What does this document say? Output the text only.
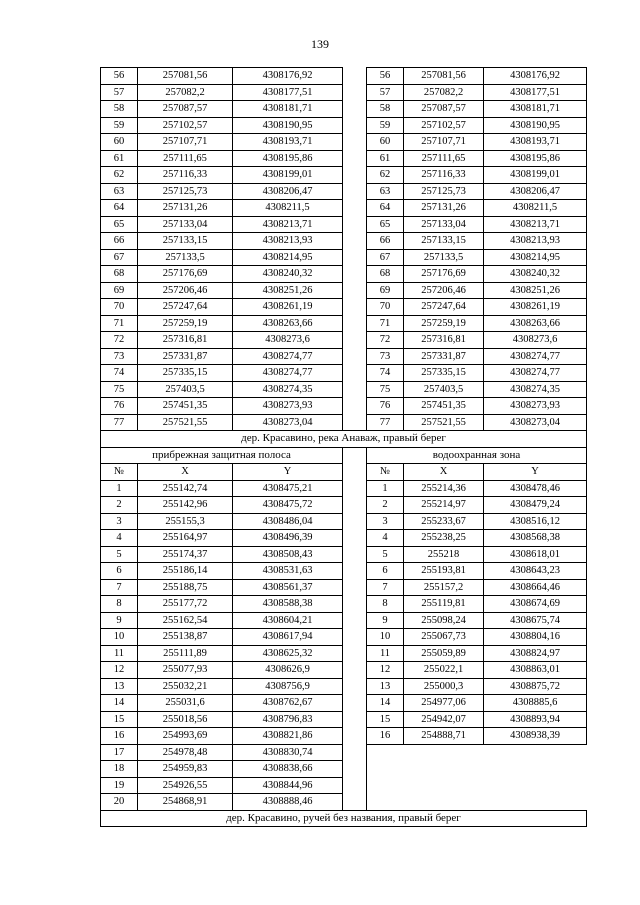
139
56	257081,56	4308176,92			56	257081,56	4308176,92
57	257082,2	4308177,51			57	257082,2	4308177,51
58	257087,57	4308181,71			58	257087,57	4308181,71
59	257102,57	4308190,95			59	257102,57	4308190,95
60	257107,71	4308193,71			60	257107,71	4308193,71
61	257111,65	4308195,86			61	257111,65	4308195,86
62	257116,33	4308199,01			62	257116,33	4308199,01
63	257125,73	4308206,47			63	257125,73	4308206,47
64	257131,26	4308211,5			64	257131,26	4308211,5
65	257133,04	4308213,71			65	257133,04	4308213,71
66	257133,15	4308213,93			66	257133,15	4308213,93
67	257133,5	4308214,95			67	257133,5	4308214,95
68	257176,69	4308240,32			68	257176,69	4308240,32
69	257206,46	4308251,26			69	257206,46	4308251,26
70	257247,64	4308261,19			70	257247,64	4308261,19
71	257259,19	4308263,66			71	257259,19	4308263,66
72	257316,81	4308273,6			72	257316,81	4308273,6
73	257331,87	4308274,77			73	257331,87	4308274,77
74	257335,15	4308274,77			74	257335,15	4308274,77
75	257403,5	4308274,35			75	257403,5	4308274,35
76	257451,35	4308273,93			76	257451,35	4308273,93
77	257521,55	4308273,04			77	257521,55	4308273,04
дер. Красавино, река Анаваж, правый берег							
прибрежная защитная полоса					водоохранная зона		
№	X	Y			№	X	Y
1	255142,74	4308475,21			1	255214,36	4308478,46
2	255142,96	4308475,72			2	255214,97	4308479,24
3	255155,3	4308486,04			3	255233,67	4308516,12
4	255164,97	4308496,39			4	255238,25	4308568,38
5	255174,37	4308508,43			5	255218	4308618,01
6	255186,14	4308531,63			6	255193,81	4308643,23
7	255188,75	4308561,37			7	255157,2	4308664,46
8	255177,72	4308588,38			8	255119,81	4308674,69
9	255162,54	4308604,21			9	255098,24	4308675,74
10	255138,87	4308617,94			10	255067,73	4308804,16
11	255111,89	4308625,32			11	255059,89	4308824,97
12	255077,93	4308626,9			12	255022,1	4308863,01
13	255032,21	4308756,9			13	255000,3	4308875,72
14	255031,6	4308762,67			14	254977,06	4308885,6
15	255018,56	4308796,83			15	254942,07	4308893,94
16	254993,69	4308821,86			16	254888,71	4308938,39
17	254978,48	4308830,74					
18	254959,83	4308838,66					
19	254926,55	4308844,96					
20	254868,91	4308888,46					
дер. Красавино, ручей без названия, правый берег							
